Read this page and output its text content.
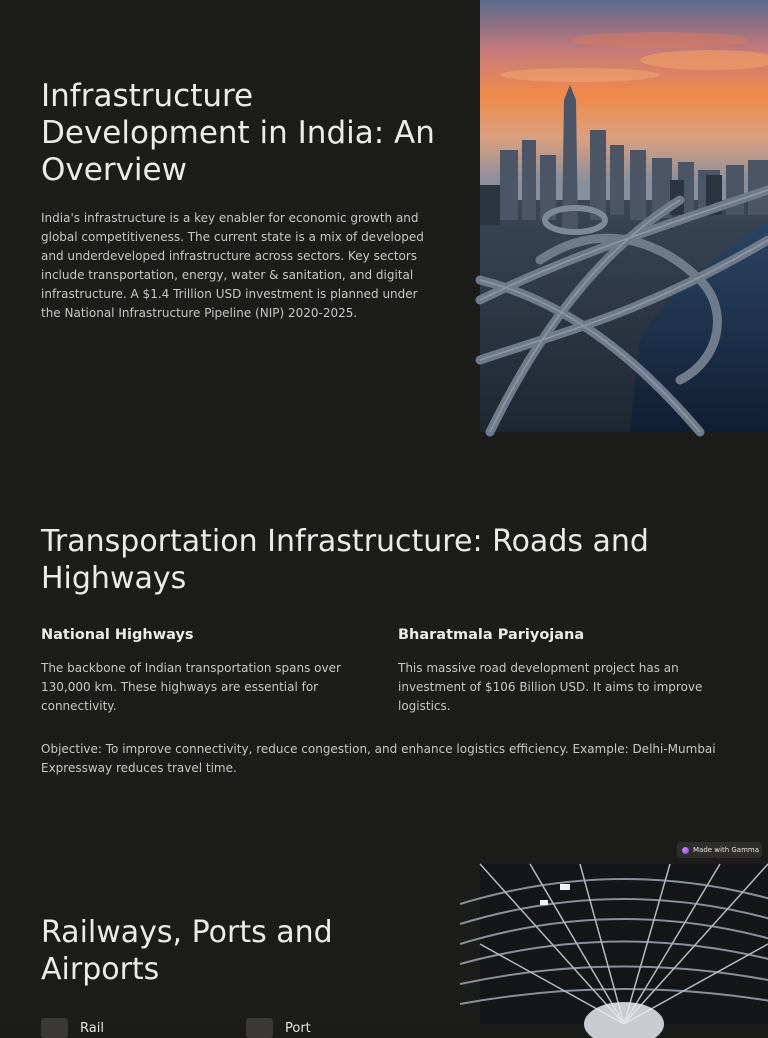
Infrastructure Development in India: An Overview

India's infrastructure is a key enabler for economic growth and global competitiveness. The current state is a mix of developed and underdeveloped infrastructure across sectors. Key sectors include transportation, energy, water & sanitation, and digital infrastructure. A $1.4 Trillion USD investment is planned under the National Infrastructure Pipeline (NIP) 2020-2025.

Transportation Infrastructure: Roads and Highways
National Highways

The backbone of Indian transportation spans over 130,000 km. These highways are essential for connectivity.

Bharatmala Pariyojana

This massive road development project has an investment of $106 Billion USD. It aims to improve logistics.

Objective: To improve connectivity, reduce congestion, and enhance logistics efficiency. Example: Delhi-Mumbai Expressway reduces travel time.

Made with Gamma
Railways, Ports and Airports
Rail	Port
